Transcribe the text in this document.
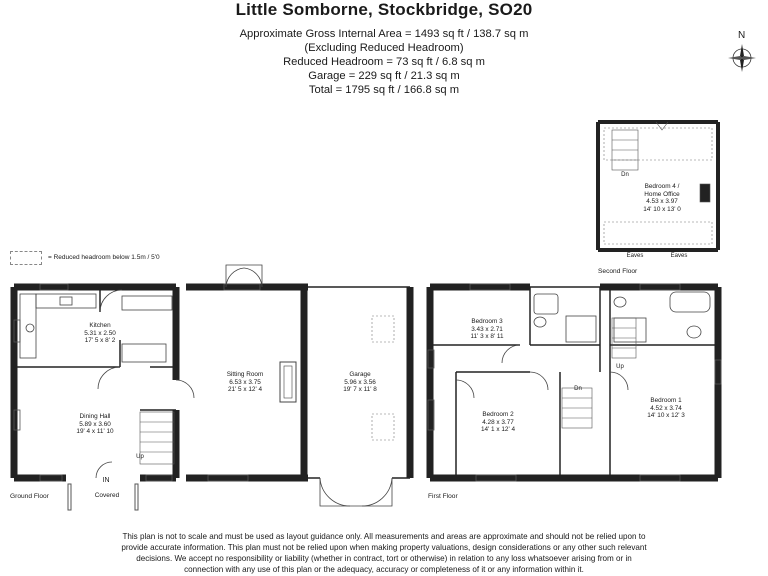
Little Somborne, Stockbridge, SO20
Approximate Gross Internal Area = 1493 sq ft / 138.7 sq m
(Excluding Reduced Headroom)
Reduced Headroom = 73 sq ft / 6.8 sq m
Garage = 229 sq ft / 21.3 sq m
Total = 1795 sq ft / 166.8 sq m
N
= Reduced headroom below 1.5m / 5'0
Kitchen
5.31 x 2.50
17' 5 x 8' 2
Sitting Room
6.53 x 3.75
21' 5 x 12' 4
Garage
5.96 x 3.56
19' 7 x 11' 8
Dining Hall
5.89 x 3.60
19' 4 x 11' 10
Up
IN
Covered
Ground Floor
Bedroom 3
3.43 x 2.71
11' 3 x 8' 11
Bedroom 2
4.28 x 3.77
14' 1 x 12' 4
Bedroom 1
4.52 x 3.74
14' 10 x 12' 3
Dn
Up
First Floor
Bedroom 4 /
Home Office
4.53 x 3.97
14' 10 x 13' 0
Dn
Eaves	Eaves
Second Floor
This plan is not to scale and must be used as layout guidance only. All measurements and areas are approximate and should not be relied upon to
provide accurate information. This plan must not be relied upon when making property valuations, design considerations or any other such relevant
decisions. We accept no responsibility or liability (whether in contract, tort or otherwise) in relation to any loss whatsoever arising from or in
connection with any use of this plan or the adequacy, accuracy or completeness of it or any information within it.
